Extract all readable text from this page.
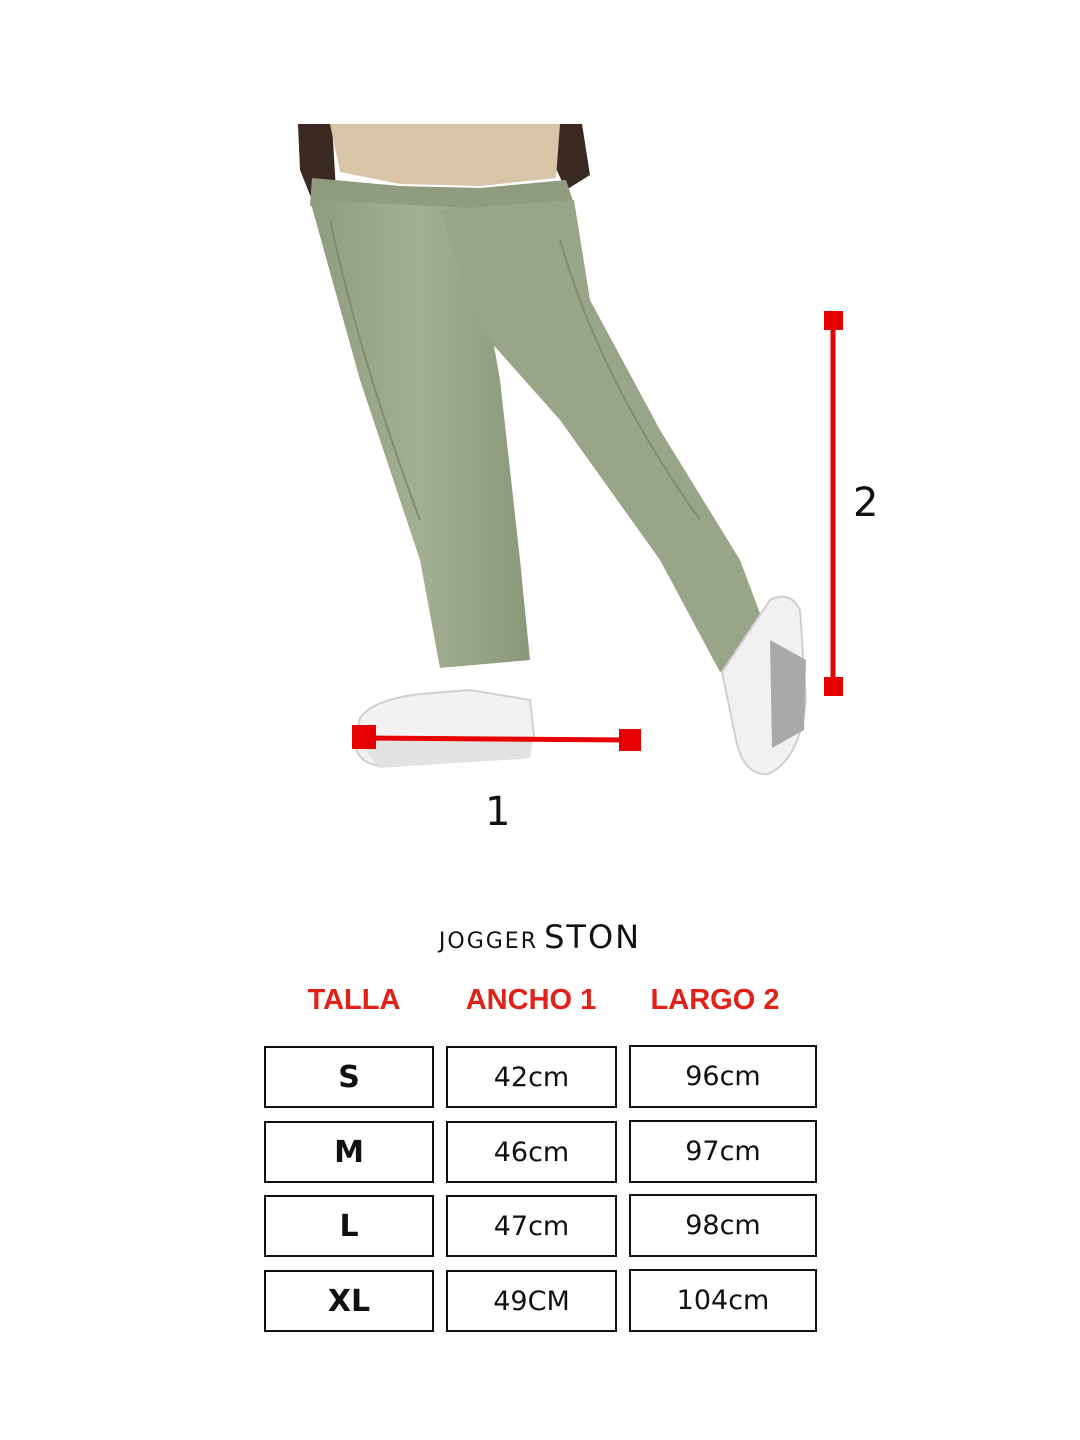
1
2
JOGGER STON
TALLA	ANCHO 1	LARGO 2
S	42cm	96cm
M	46cm	97cm
L	47cm	98cm
XL	49CM	104cm
